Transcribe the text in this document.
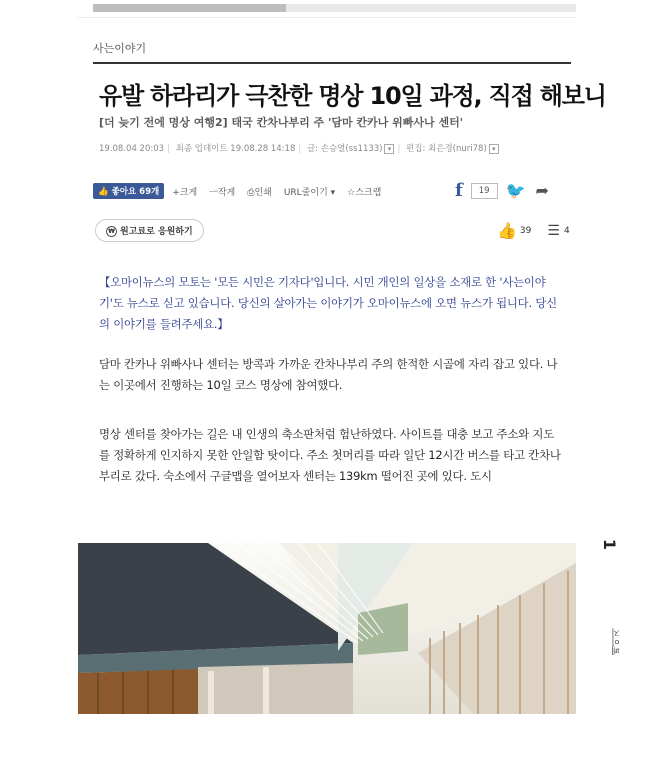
사는이야기
유발 하라리가 극찬한 명상 10일 과정, 직접 해보니
[더 늦기 전에 명상 여행2] 태국 칸차나부리 주 '담마 칸카나 위빠사나 센터'
19.08.04 20:03 | 최종 업데이트 19.08.28 14:18 | 글: 손승열(ss1133) ▾ | 편집: 최은경(nuri78) ▾
👍 좋아요 69개	+크게 ㅡ작게 ⎙인쇄 URL줄이기 ▾ ☆스크랩	f	19	🐦 ➦
₩ 원고료로 응원하기	👍 39 ☰ 4
【오마이뉴스의 모토는 '모든 시민은 기자다'입니다. 시민 개인의 일상을 소재로 한 '사는이야기'도 뉴스로 싣고 있습니다. 당신의 살아가는 이야기가 오마이뉴스에 오면 뉴스가 됩니다. 당신의 이야기를 들려주세요.】
담마 칸카나 위빠사나 센터는 방콕과 가까운 칸차나부리 주의 한적한 시골에 자리 잡고 있다. 나는 이곳에서 진행하는 10일 코스 명상에 참여했다.
명상 센터를 찾아가는 길은 내 인생의 축소판처럼 험난하였다. 사이트를 대충 보고 주소와 지도를 정확하게 인지하지 못한 안일함 탓이다. 주소 첫머리를 따라 일단 12시간 버스를 타고 칸차나부리로 갔다. 숙소에서 구글맵을 열어보자 센터는 139km 떨어진 곳에 있다. 도시
1
페이지
